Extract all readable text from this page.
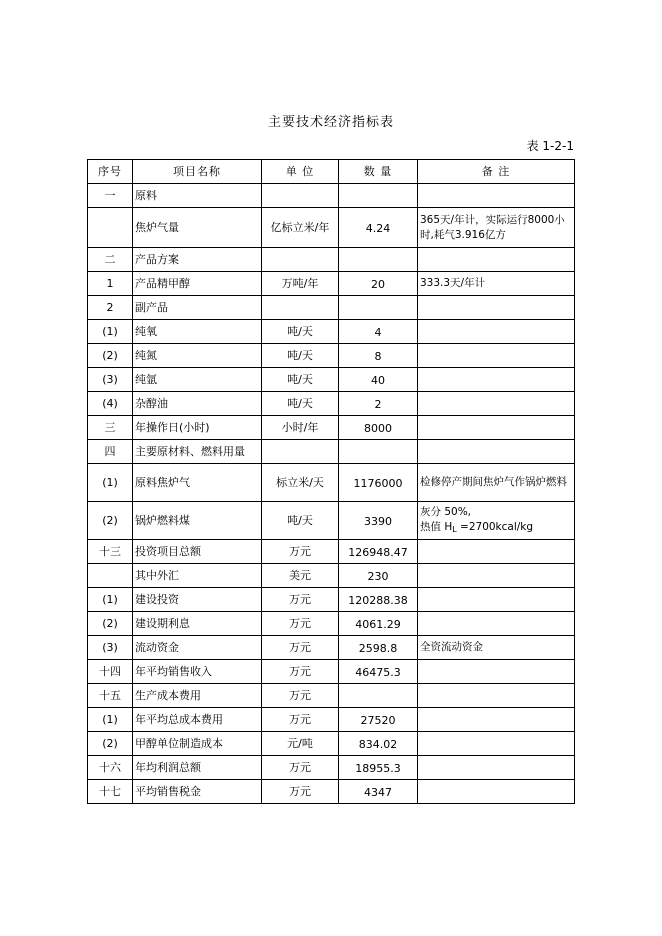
主要技术经济指标表
表 1-2-1
序号	项目名称	单 位	数 量	备 注
一	原料			
	焦炉气量	亿标立米/年	4.24	365天/年计，实际运行8000小时,耗气3.916亿方
二	产品方案			
1	产品精甲醇	万吨/年	20	333.3天/年计
2	副产品			
(1)	纯氧	吨/天	4	
(2)	纯氮	吨/天	8	
(3)	纯氩	吨/天	40	
(4)	杂醇油	吨/天	2	
三	年操作日(小时)	小时/年	8000	
四	主要原材料、燃料用量			
(1)	原料焦炉气	标立米/天	1176000	检修停产期间焦炉气作锅炉燃料
(2)	锅炉燃料煤	吨/天	3390	灰分 50%,
热值 $H_L$ =2700kcal/kg

十三	投资项目总额	万元	126948.47	
	其中外汇	美元	230	
(1)	建设投资	万元	120288.38	
(2)	建设期利息	万元	4061.29	
(3)	流动资金	万元	2598.8	全资流动资金
十四	年平均销售收入	万元	46475.3	
十五	生产成本费用	万元		
(1)	年平均总成本费用	万元	27520	
(2)	甲醇单位制造成本	元/吨	834.02	
十六	年均利润总额	万元	18955.3	
十七	平均销售税金	万元	4347	
